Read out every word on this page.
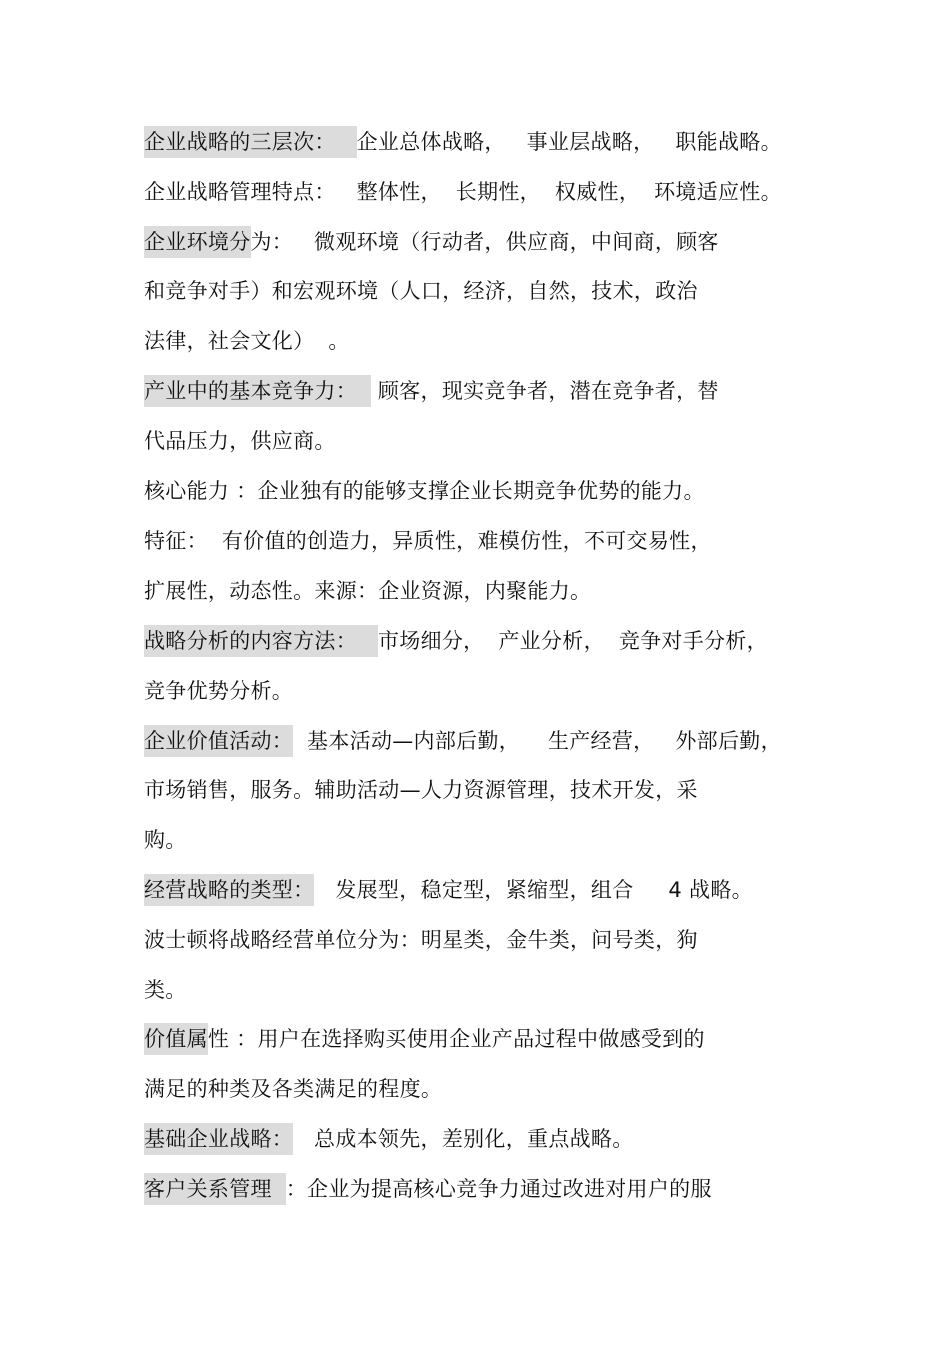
企业战略的三层次：   企业总体战略，   事业层战略，   职能战略。
企业战略管理特点：   整体性，  长期性，  权威性，  环境适应性。
企业环境分为：   微观环境（行动者，供应商，中间商，顾客
和竞争对手）和宏观环境（人口，经济，自然，技术，政治
法律，社会文化）  。
产业中的基本竞争力：   顾客，现实竞争者，潜在竞争者，替
代品压力，供应商。
核心能力 ：企业独有的能够支撑企业长期竞争优势的能力。
特征：  有价值的创造力，异质性，难模仿性，不可交易性，
扩展性，动态性。来源：企业资源，内聚能力。
战略分析的内容方法：   市场细分，  产业分析，  竞争对手分析，
竞争优势分析。
企业价值活动：  基本活动—内部后勤，    生产经营，   外部后勤，
市场销售，服务。辅助活动—人力资源管理，技术开发，采
购。
经营战略的类型：   发展型，稳定型，紧缩型，组合     4 战略。
波士顿将战略经营单位分为：明星类，金牛类，问号类，狗
类。
价值属性 ：用户在选择购买使用企业产品过程中做感受到的
满足的种类及各类满足的程度。
基础企业战略：   总成本领先，差别化，重点战略。
客户关系管理  ：企业为提高核心竞争力通过改进对用户的服
